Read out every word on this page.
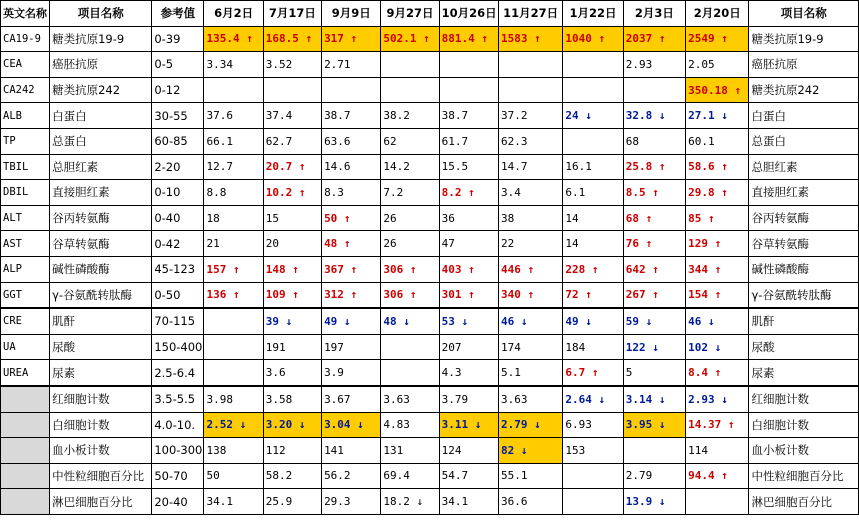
英文名称	项目名称	参考值	6月2日	7月17日	9月9日	9月27日	10月26日	11月27日	1月22日	2月3日	2月20日	项目名称
CA19-9	糖类抗原19-9	0-39	135.4 ↑	168.5 ↑	317 ↑	502.1 ↑	881.4 ↑	1583 ↑	1040 ↑	2037 ↑	2549 ↑	糖类抗原19-9
CEA	癌胚抗原	0-5	3.34	3.52	2.71					2.93	2.05	癌胚抗原
CA242	糖类抗原242	0-12									350.18 ↑	糖类抗原242
ALB	白蛋白	30-55	37.6	37.4	38.7	38.2	38.7	37.2	24 ↓	32.8 ↓	27.1 ↓	白蛋白
TP	总蛋白	60-85	66.1	62.7	63.6	62	61.7	62.3		68	60.1	总蛋白
TBIL	总胆红素	2-20	12.7	20.7 ↑	14.6	14.2	15.5	14.7	16.1	25.8 ↑	58.6 ↑	总胆红素
DBIL	直接胆红素	0-10	8.8	10.2 ↑	8.3	7.2	8.2 ↑	3.4	6.1	8.5 ↑	29.8 ↑	直接胆红素
ALT	谷丙转氨酶	0-40	18	15	50 ↑	26	36	38	14	68 ↑	85 ↑	谷丙转氨酶
AST	谷草转氨酶	0-42	21	20	48 ↑	26	47	22	14	76 ↑	129 ↑	谷草转氨酶
ALP	碱性磷酸酶	45-123	157 ↑	148 ↑	367 ↑	306 ↑	403 ↑	446 ↑	228 ↑	642 ↑	344 ↑	碱性磷酸酶
GGT	γ-谷氨酰转肽酶	0-50	136 ↑	109 ↑	312 ↑	306 ↑	301 ↑	340 ↑	72 ↑	267 ↑	154 ↑	γ-谷氨酰转肽酶
CRE	肌酐	70-115		39 ↓	49 ↓	48 ↓	53 ↓	46 ↓	49 ↓	59 ↓	46 ↓	肌酐
UA	尿酸	150-400		191	197		207	174	184	122 ↓	102 ↓	尿酸
UREA	尿素	2.5-6.4		3.6	3.9		4.3	5.1	6.7 ↑	5	8.4 ↑	尿素
	红细胞计数	3.5-5.5	3.98	3.58	3.67	3.63	3.79	3.63	2.64 ↓	3.14 ↓	2.93 ↓	红细胞计数
	白细胞计数	4.0-10.	2.52 ↓	3.20 ↓	3.04 ↓	4.83	3.11 ↓	2.79 ↓	6.93	3.95 ↓	14.37 ↑	白细胞计数
	血小板计数	100-300	138	112	141	131	124	82 ↓	153		114	血小板计数
	中性粒细胞百分比	50-70	50	58.2	56.2	69.4	54.7	55.1		2.79	94.4 ↑	中性粒细胞百分比
	淋巴细胞百分比	20-40	34.1	25.9	29.3	18.2 ↓	34.1	36.6		13.9 ↓		淋巴细胞百分比
